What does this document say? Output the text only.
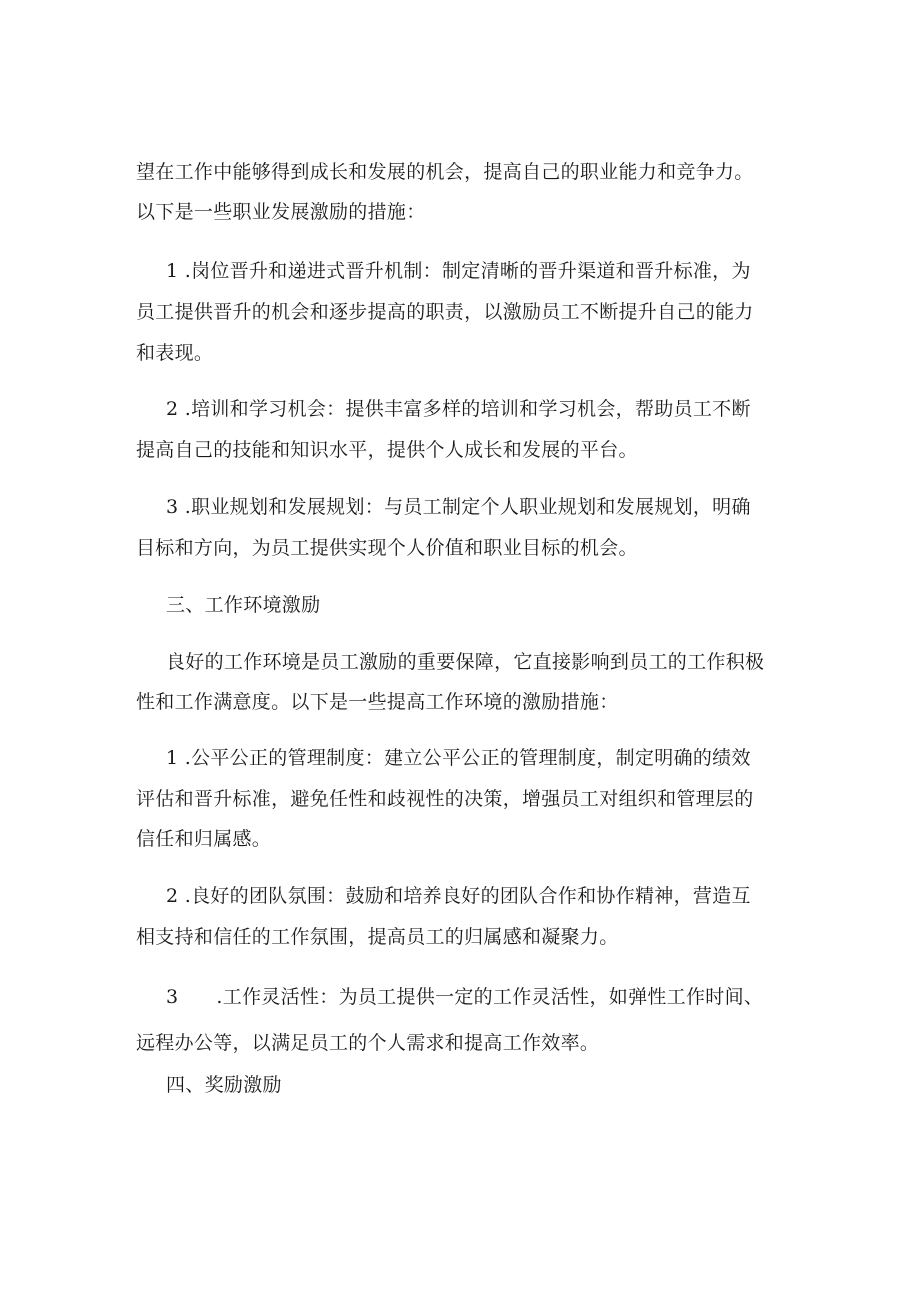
望在工作中能够得到成长和发展的机会，提高自己的职业能力和竞争力。
以下是一些职业发展激励的措施：
1 .岗位晋升和递进式晋升机制：制定清晰的晋升渠道和晋升标准，为
员工提供晋升的机会和逐步提高的职责，以激励员工不断提升自己的能力
和表现。
2 .培训和学习机会：提供丰富多样的培训和学习机会，帮助员工不断
提高自己的技能和知识水平，提供个人成长和发展的平台。
3 .职业规划和发展规划：与员工制定个人职业规划和发展规划，明确
目标和方向，为员工提供实现个人价值和职业目标的机会。
三、工作环境激励
良好的工作环境是员工激励的重要保障，它直接影响到员工的工作积极
性和工作满意度。以下是一些提高工作环境的激励措施：
1 .公平公正的管理制度：建立公平公正的管理制度，制定明确的绩效
评估和晋升标准，避免任性和歧视性的决策，增强员工对组织和管理层的
信任和归属感。
2 .良好的团队氛围：鼓励和培养良好的团队合作和协作精神，营造互
相支持和信任的工作氛围，提高员工的归属感和凝聚力。
3      .工作灵活性：为员工提供一定的工作灵活性，如弹性工作时间、
远程办公等，以满足员工的个人需求和提高工作效率。
四、奖励激励
